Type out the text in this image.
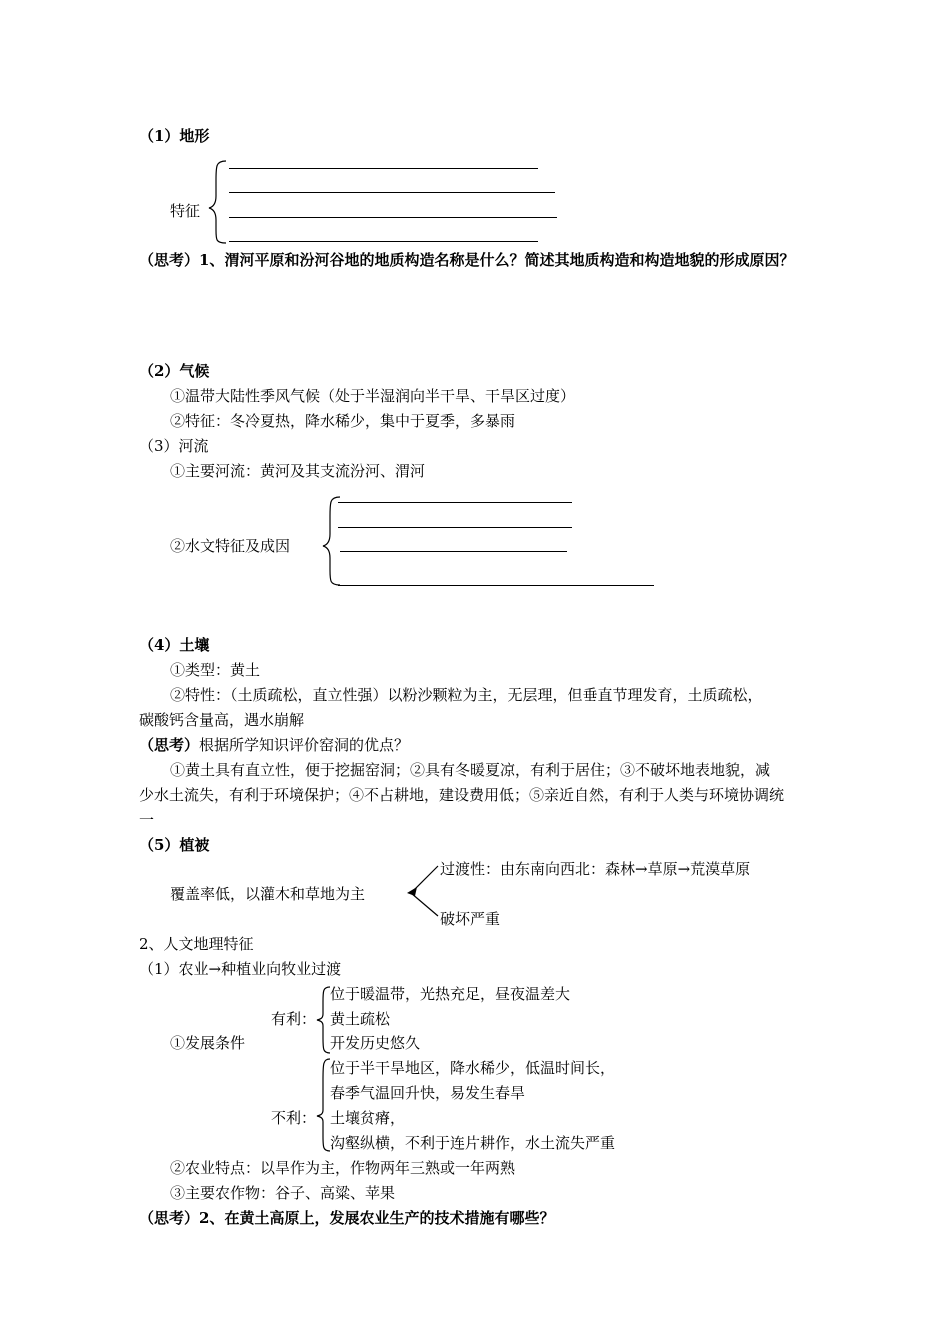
（1）地形
特征
（思考）1、渭河平原和汾河谷地的地质构造名称是什么？简述其地质构造和构造地貌的形成原因？
（2）气候
①温带大陆性季风气候（处于半湿润向半干旱、干旱区过度）
②特征：冬冷夏热，降水稀少，集中于夏季，多暴雨
（3）河流
①主要河流：黄河及其支流汾河、渭河
②水文特征及成因
（4）土壤
①类型：黄土
②特性：（土质疏松，直立性强）以粉沙颗粒为主，无层理，但垂直节理发育，土质疏松，
碳酸钙含量高，遇水崩解
（思考）根据所学知识评价窑洞的优点？
①黄土具有直立性，便于挖掘窑洞；②具有冬暖夏凉，有利于居住；③不破坏地表地貌，减
少水土流失，有利于环境保护；④不占耕地，建设费用低；⑤亲近自然，有利于人类与环境协调统
一
（5）植被
覆盖率低，以灌木和草地为主
过渡性：由东南向西北：森林→草原→荒漠草原
破坏严重
2、人文地理特征
（1）农业→种植业向牧业过渡
①发展条件
有利：
位于暖温带，光热充足，昼夜温差大
黄土疏松
开发历史悠久
不利：
位于半干旱地区，降水稀少，低温时间长，
春季气温回升快，易发生春旱
土壤贫瘠，
沟壑纵横，不利于连片耕作，水土流失严重
②农业特点：以旱作为主，作物两年三熟或一年两熟
③主要农作物：谷子、高粱、苹果
（思考）2、在黄土高原上，发展农业生产的技术措施有哪些？
